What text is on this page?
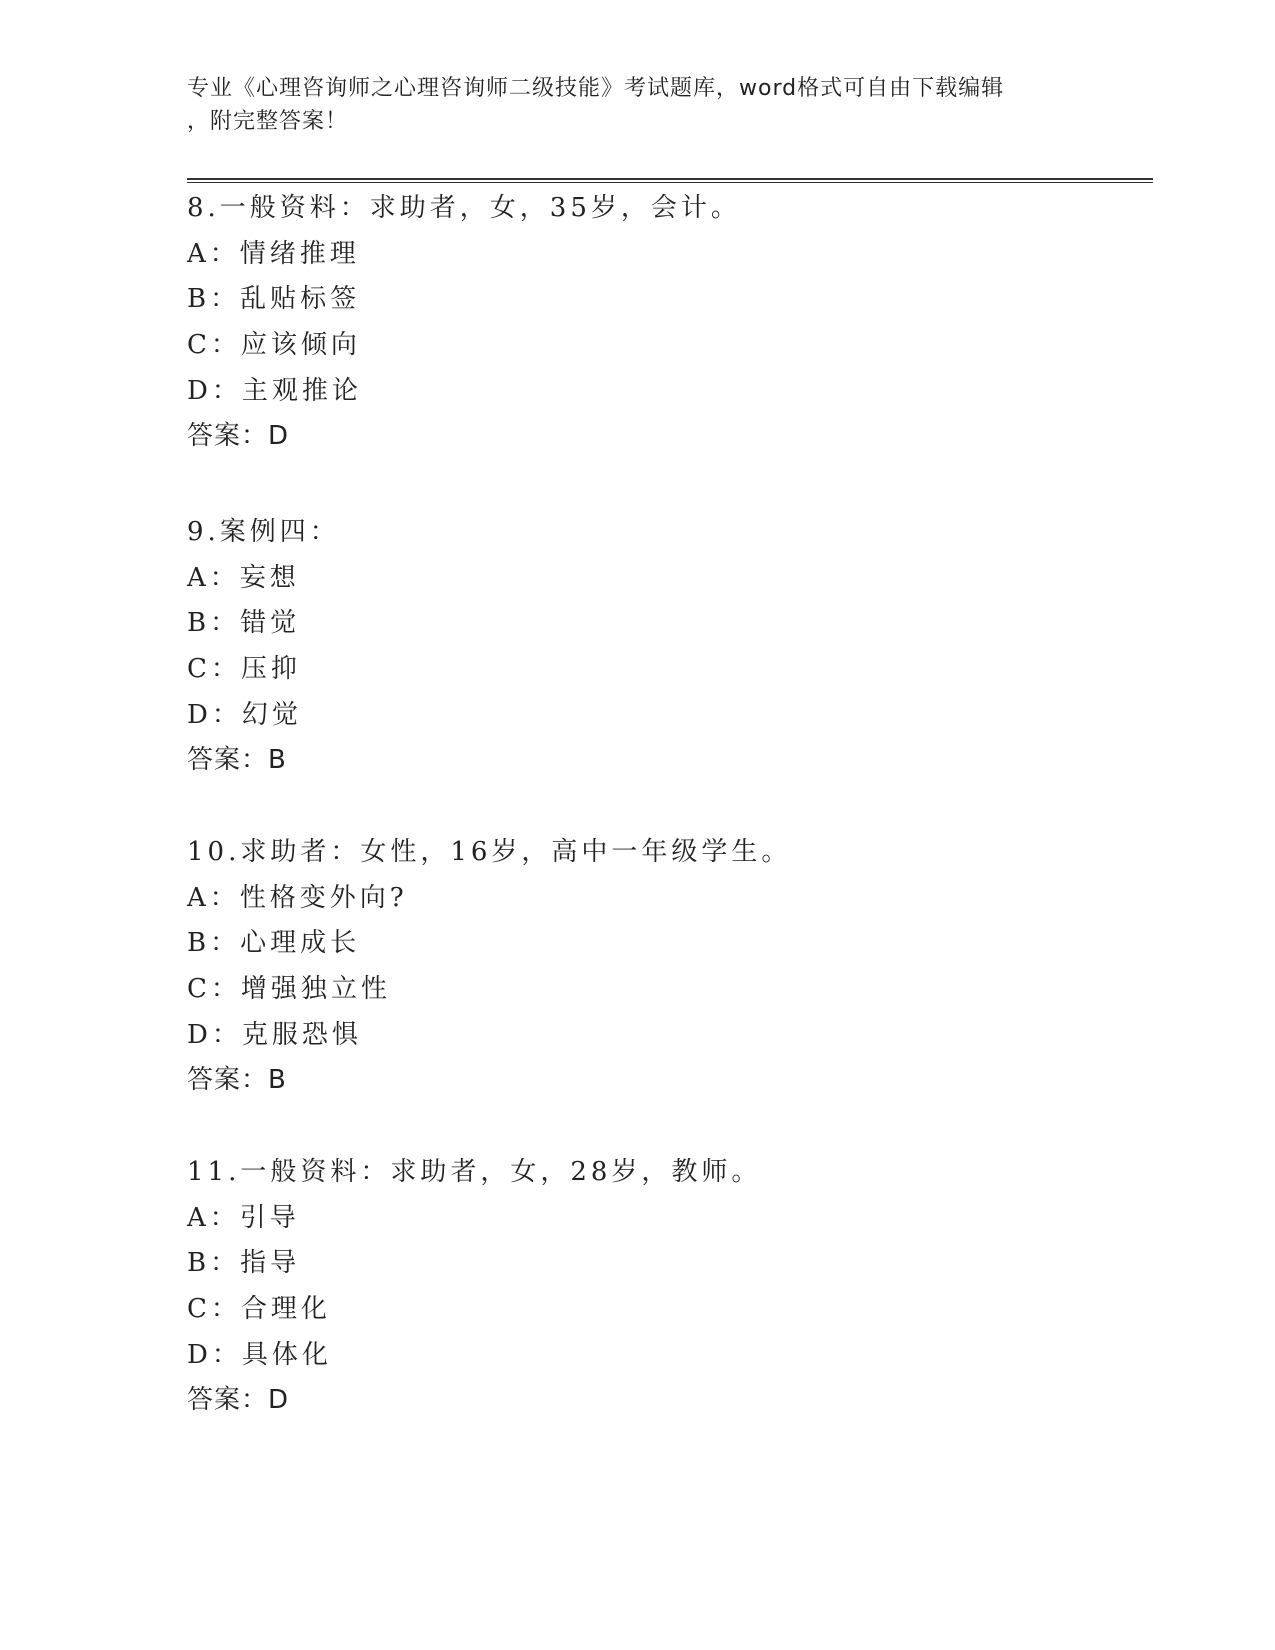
专业《心理咨询师之心理咨询师二级技能》考试题库，word格式可自由下载编辑
，附完整答案！
8.一般资料：求助者，女，35岁，会计。
A：情绪推理
B：乱贴标签
C：应该倾向
D：主观推论
答案：D
9.案例四：
A：妄想
B：错觉
C：压抑
D：幻觉
答案：B
10.求助者：女性，16岁，高中一年级学生。
A：性格变外向?
B：心理成长
C：增强独立性
D：克服恐惧
答案：B
11.一般资料：求助者，女，28岁，教师。
A：引导
B：指导
C：合理化
D：具体化
答案：D
